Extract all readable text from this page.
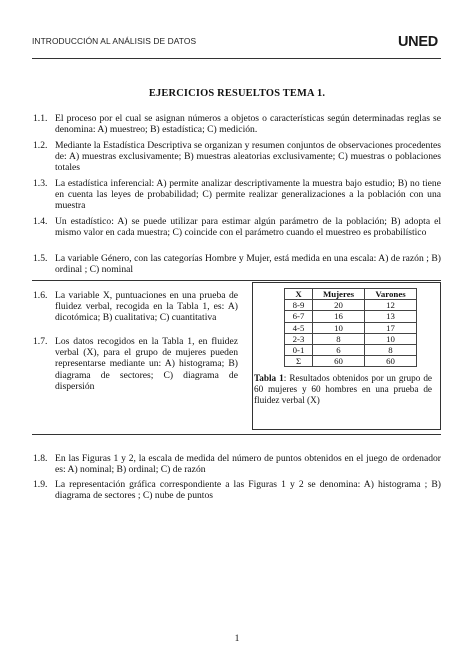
INTRODUCCIÓN AL ANÁLISIS DE DATOS	UNED
EJERCICIOS RESUELTOS TEMA 1.
1.1. El proceso por el cual se asignan números a objetos o características según determinadas reglas se denomina: A) muestreo; B) estadística; C) medición.
1.2. Mediante la Estadística Descriptiva se organizan y resumen conjuntos de observaciones procedentes de: A) muestras exclusivamente; B) muestras aleatorias exclusivamente; C) muestras o poblaciones totales
1.3. La estadística inferencial: A) permite analizar descriptivamente la muestra bajo estudio; B) no tiene en cuenta las leyes de probabilidad; C) permite realizar generalizaciones a la población con una muestra
1.4. Un estadístico: A) se puede utilizar para estimar algún parámetro de la población; B) adopta el mismo valor en cada muestra; C) coincide con el parámetro cuando el muestreo es probabilístico
1.5. La variable Género, con las categorías Hombre y Mujer, está medida en una escala: A) de razón ; B) ordinal ; C) nominal
1.6. La variable X, puntuaciones en una prueba de fluidez verbal, recogida en la Tabla 1, es: A) dicotómica; B) cualitativa; C) cuantitativa
1.7. Los datos recogidos en la Tabla 1, en fluidez verbal (X), para el grupo de mujeres pueden representarse mediante un: A) histograma; B) diagrama de sectores; C) diagrama de dispersión
X	Mujeres	Varones
8-9	20	12
6-7	16	13
4-5	10	17
2-3	8	10
0-1	6	8
Σ	60	60
Tabla 1: Resultados obtenidos por un grupo de 60 mujeres y 60 hombres en una prueba de fluidez verbal (X)
1.8. En las Figuras 1 y 2, la escala de medida del número de puntos obtenidos en el juego de ordenador es: A) nominal; B) ordinal; C) de razón
1.9. La representación gráfica correspondiente a las Figuras 1 y 2 se denomina: A) histograma ; B) diagrama de sectores ; C) nube de puntos
1
